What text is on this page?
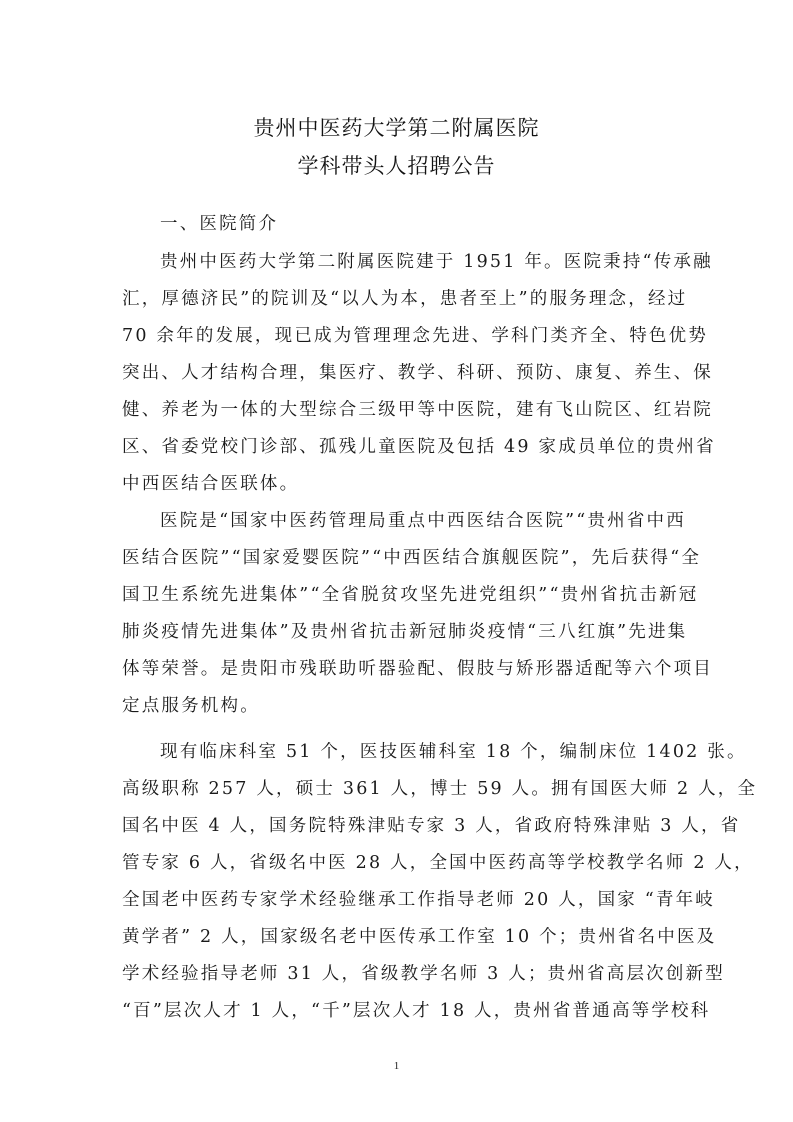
贵州中医药大学第二附属医院
学科带头人招聘公告
一、医院简介
贵州中医药大学第二附属医院建于 1951 年。医院秉持“传承融
汇，厚德济民”的院训及“以人为本，患者至上”的服务理念，经过
70 余年的发展，现已成为管理理念先进、学科门类齐全、特色优势
突出、人才结构合理，集医疗、教学、科研、预防、康复、养生、保
健、养老为一体的大型综合三级甲等中医院，建有飞山院区、红岩院
区、省委党校门诊部、孤残儿童医院及包括 49 家成员单位的贵州省
中西医结合医联体。
医院是“国家中医药管理局重点中西医结合医院”“贵州省中西
医结合医院”“国家爱婴医院”“中西医结合旗舰医院”，先后获得“全
国卫生系统先进集体”“全省脱贫攻坚先进党组织”“贵州省抗击新冠
肺炎疫情先进集体”及贵州省抗击新冠肺炎疫情“三八红旗”先进集
体等荣誉。是贵阳市残联助听器验配、假肢与矫形器适配等六个项目
定点服务机构。
现有临床科室 51 个，医技医辅科室 18 个，编制床位 1402 张。
高级职称 257 人，硕士 361 人，博士 59 人。拥有国医大师 2 人，全
国名中医 4 人，国务院特殊津贴专家 3 人，省政府特殊津贴 3 人，省
管专家 6 人，省级名中医 28 人，全国中医药高等学校教学名师 2 人，
全国老中医药专家学术经验继承工作指导老师 20 人，国家 “青年岐
黄学者” 2 人，国家级名老中医传承工作室 10 个；贵州省名中医及
学术经验指导老师 31 人，省级教学名师 3 人；贵州省高层次创新型
“百”层次人才 1 人，“千”层次人才 18 人，贵州省普通高等学校科
1
